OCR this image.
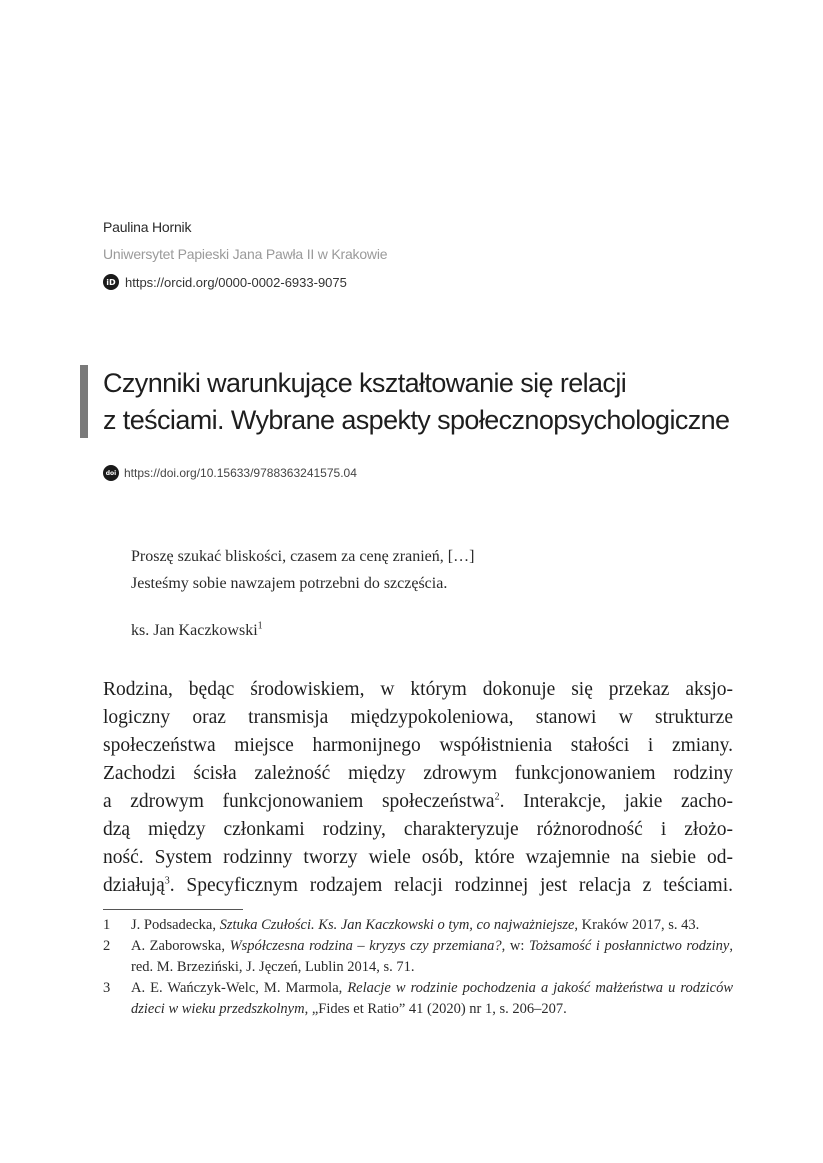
Paulina Hornik
Uniwersytet Papieski Jana Pawła II w Krakowie
iD https://orcid.org/0000-0002-6933-9075
Czynniki warunkujące kształtowanie się relacji
z teściami. Wybrane aspekty społecznopsychologiczne
doi https://doi.org/10.15633/9788363241575.04
Proszę szukać bliskości, czasem za cenę zranień, […]
Jesteśmy sobie nawzajem potrzebni do szczęścia.
ks. Jan Kaczkowski$^1$
Rodzina, będąc środowiskiem, w którym dokonuje się przekaz aksjo-
logiczny oraz transmisja międzypokoleniowa, stanowi w strukturze
społeczeństwa miejsce harmonijnego współistnienia stałości i zmiany.
Zachodzi ścisła zależność między zdrowym funkcjonowaniem rodziny
a zdrowym funkcjonowaniem społeczeństwa$^2$. Interakcje, jakie zacho-
dzą między członkami rodziny, charakteryzuje różnorodność i złożo-
ność. System rodzinny tworzy wiele osób, które wzajemnie na siebie od-
działują$^3$. Specyficznym rodzajem relacji rodzinnej jest relacja z teściami.
1	J. Podsadecka, Sztuka Czułości. Ks. Jan Kaczkowski o tym, co najważniejsze, Kraków 2017, s. 43.
2	A. Zaborowska, Współczesna rodzina – kryzys czy przemiana?, w: Tożsamość i posłannictwo rodziny, red. M. Brzeziński, J. Jęczeń, Lublin 2014, s. 71.
3	A. E. Wańczyk-Welc, M. Marmola, Relacje w rodzinie pochodzenia a jakość małżeństwa u rodziców dzieci w wieku przedszkolnym, „Fides et Ratio” 41 (2020) nr 1, s. 206–207.
